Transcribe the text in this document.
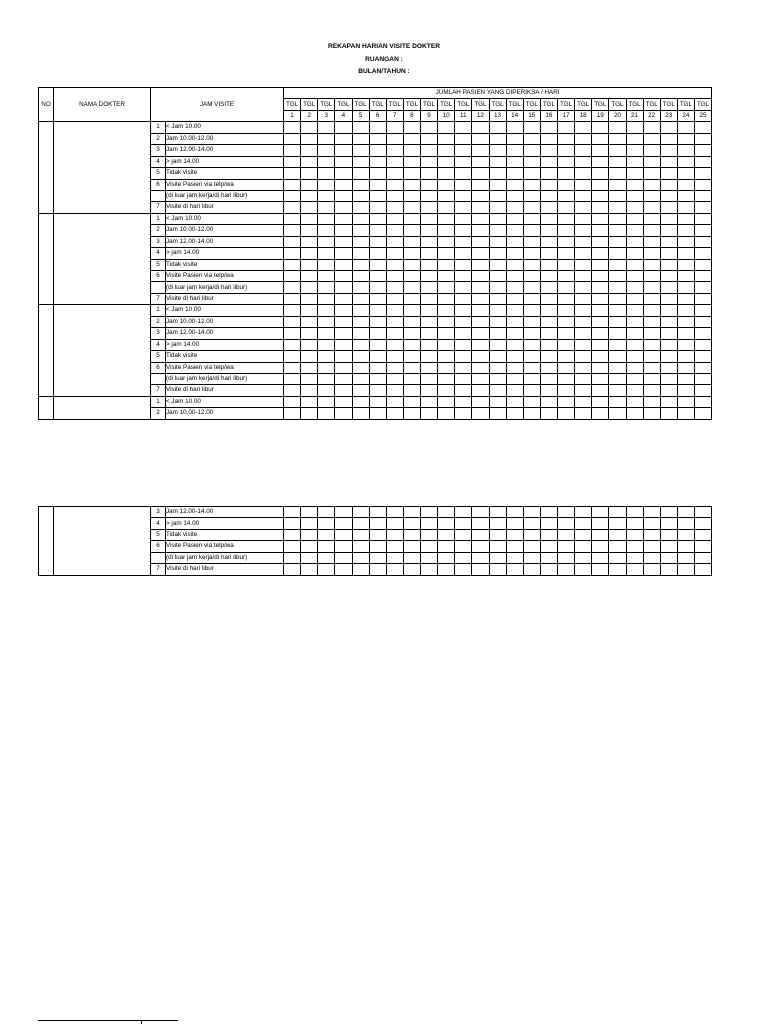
REKAPAN HARIAN VISITE DOKTER
RUANGAN :
BULAN/TAHUN :
NO	NAMA DOKTER	JAM VISITE		JUMLAH PASIEN YANG DIPERIKSA / HARI																								
				TGL	TGL	TGL	TGL	TGL	TGL	TGL	TGL	TGL	TGL	TGL	TGL	TGL	TGL	TGL	TGL	TGL	TGL	TGL	TGL	TGL	TGL	TGL	TGL	TGL
				1	2	3	4	5	6	7	8	9	10	11	12	13	14	15	16	17	18	19	20	21	22	23	24	25
		1	< Jam 10.00																									
		2	Jam 10.00-12.00																									
		3	Jam 12.00-14.00																									
		4	> jam 14.00																									
		5	Tidak visite																									
		6	Visite Pasien via telp/wa																									
			(di luar jam kerja/di hari libur)																									
		7	Visite di hari libur																									
		1	< Jam 10.00																									
		2	Jam 10.00-12.00																									
		3	Jam 12.00-14.00																									
		4	> jam 14.00																									
		5	Tidak visite																									
		6	Visite Pasien via telp/wa																									
			(di luar jam kerja/di hari libur)																									
		7	Visite di hari libur																									
		1	< Jam 10.00																									
		2	Jam 10.00-12.00																									
		3	Jam 12.00-14.00																									
		4	> jam 14.00																									
		5	Tidak visite																									
		6	Visite Pasien via telp/wa																									
			(di luar jam kerja/di hari libur)																									
		7	Visite di hari libur																									
		1	< Jam 10.00																									
		2	Jam 10.00-12.00																									
		3	Jam 12.00-14.00																									
		4	> jam 14.00																									
		5	Tidak visite																									
		6	Visite Pasien via telp/wa																									
			(di luar jam kerja/di hari libur)																									
		7	Visite di hari libur																									
